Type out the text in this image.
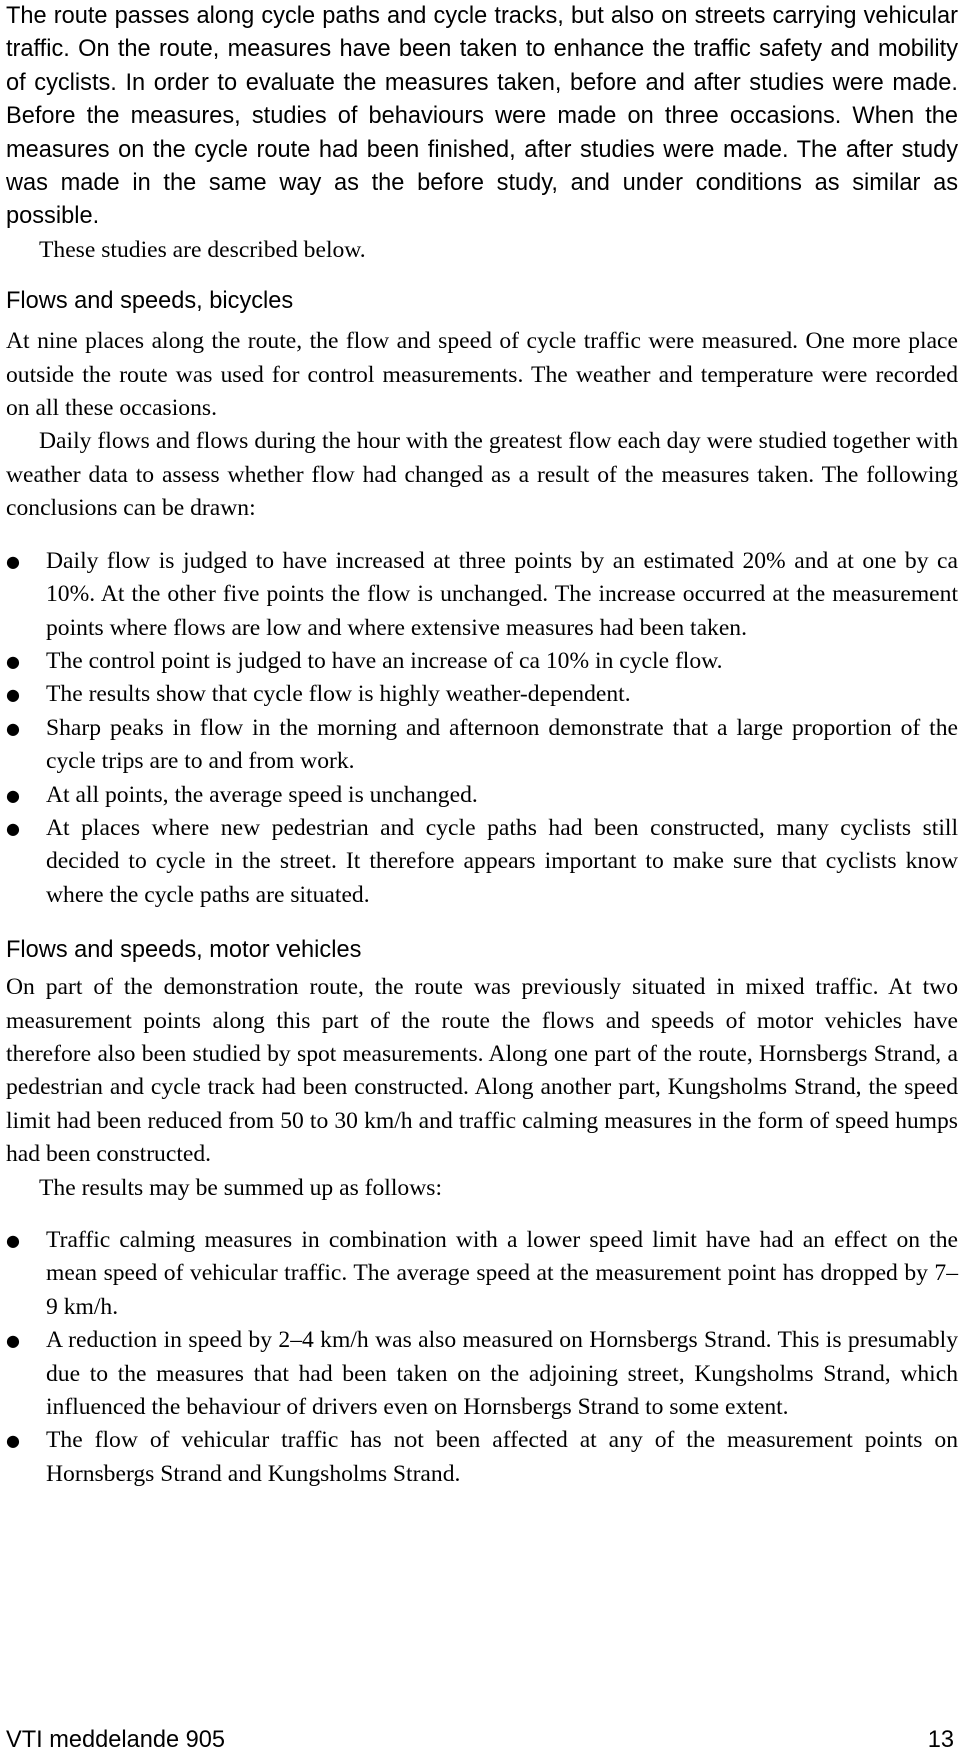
The route passes along cycle paths and cycle tracks, but also on streets carrying vehicular traffic. On the route, measures have been taken to enhance the traffic safety and mobility of cyclists. In order to evaluate the measures taken, before and after studies were made. Before the measures, studies of behaviours were made on three occasions. When the measures on the cycle route had been finished, after studies were made. The after study was made in the same way as the before study, and under conditions as similar as possible.

These studies are described below.

Flows and speeds, bicycles

At nine places along the route, the flow and speed of cycle traffic were measured. One more place outside the route was used for control measurements. The weather and temperature were recorded on all these occasions.

Daily flows and flows during the hour with the greatest flow each day were studied together with weather data to assess whether flow had changed as a result of the measures taken. The following conclusions can be drawn:

●	Daily flow is judged to have increased at three points by an estimated 20% and at one by ca 10%. At the other five points the flow is unchanged. The increase occurred at the measurement points where flows are low and where extensive measures had been taken.
●	The control point is judged to have an increase of ca 10% in cycle flow.
●	The results show that cycle flow is highly weather-dependent.
●	Sharp peaks in flow in the morning and afternoon demonstrate that a large proportion of the cycle trips are to and from work.
●	At all points, the average speed is unchanged.
●	At places where new pedestrian and cycle paths had been constructed, many cyclists still decided to cycle in the street. It therefore appears important to make sure that cyclists know where the cycle paths are situated.
Flows and speeds, motor vehicles

On part of the demonstration route, the route was previously situated in mixed traffic. At two measurement points along this part of the route the flows and speeds of motor vehicles have therefore also been studied by spot measurements. Along one part of the route, Hornsbergs Strand, a pedestrian and cycle track had been constructed. Along another part, Kungsholms Strand, the speed limit had been reduced from 50 to 30 km/h and traffic calming measures in the form of speed humps had been constructed.

The results may be summed up as follows:

●	Traffic calming measures in combination with a lower speed limit have had an effect on the mean speed of vehicular traffic. The average speed at the measurement point has dropped by 7–9 km/h.
●	A reduction in speed by 2–4 km/h was also measured on Hornsbergs Strand. This is presumably due to the measures that had been taken on the adjoining street, Kungsholms Strand, which influenced the behaviour of drivers even on Hornsbergs Strand to some extent.
●	The flow of vehicular traffic has not been affected at any of the measurement points on Hornsbergs Strand and Kungsholms Strand.
VTI meddelande 905	13
